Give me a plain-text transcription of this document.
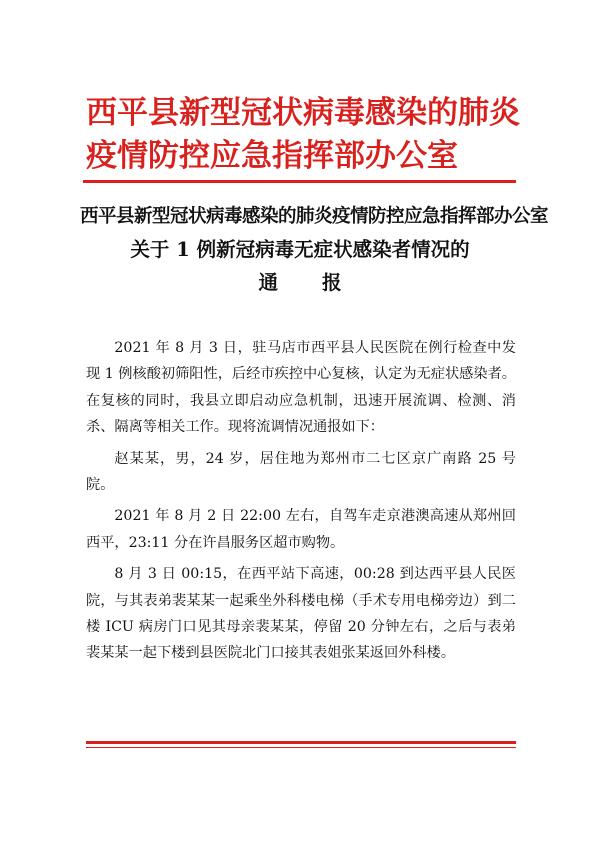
西平县新型冠状病毒感染的肺炎
疫情防控应急指挥部办公室
西平县新型冠状病毒感染的肺炎疫情防控应急指挥部办公室
关于 1 例新冠病毒无症状感染者情况的
通报

2021 年 8 月 3 日，驻马店市西平县人民医院在例行检查中发现 1 例核酸初筛阳性，后经市疾控中心复核，认定为无症状感染者。在复核的同时，我县立即启动应急机制，迅速开展流调、检测、消杀、隔离等相关工作。现将流调情况通报如下：

赵某某，男，24 岁，居住地为郑州市二七区京广南路 25 号院。

2021 年 8 月 2 日 22:00 左右，自驾车走京港澳高速从郑州回西平，23:11 分在许昌服务区超市购物。

8 月 3 日 00:15，在西平站下高速，00:28 到达西平县人民医院，与其表弟裴某某一起乘坐外科楼电梯（手术专用电梯旁边）到二楼 ICU 病房门口见其母亲裴某某，停留 20 分钟左右，之后与表弟裴某某一起下楼到县医院北门口接其表姐张某返回外科楼。
